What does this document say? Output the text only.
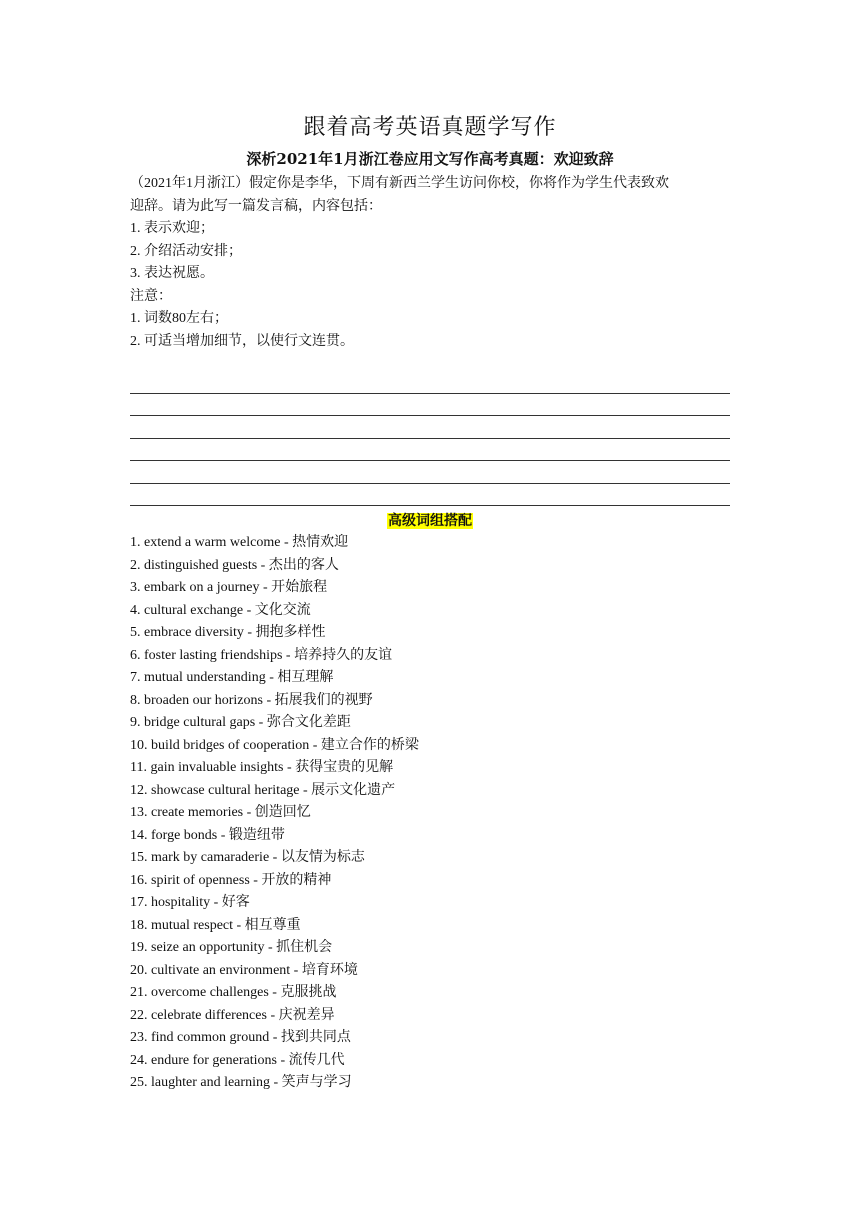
跟着高考英语真题学写作
深析2021年1月浙江卷应用文写作高考真题：欢迎致辞

（2021年1月浙江）假定你是李华，下周有新西兰学生访问你校，你将作为学生代表致欢

迎辞。请为此写一篇发言稿，内容包括：

1. 表示欢迎；

2. 介绍活动安排；

3. 表达祝愿。

注意：

1. 词数80左右；

2. 可适当增加细节，以使行文连贯。

高级词组搭配

1. extend a warm welcome - 热情欢迎

2. distinguished guests - 杰出的客人

3. embark on a journey - 开始旅程

4. cultural exchange - 文化交流

5. embrace diversity - 拥抱多样性

6. foster lasting friendships - 培养持久的友谊

7. mutual understanding - 相互理解

8. broaden our horizons - 拓展我们的视野

9. bridge cultural gaps - 弥合文化差距

10. build bridges of cooperation - 建立合作的桥梁

11. gain invaluable insights - 获得宝贵的见解

12. showcase cultural heritage - 展示文化遗产

13. create memories - 创造回忆

14. forge bonds - 锻造纽带

15. mark by camaraderie - 以友情为标志

16. spirit of openness - 开放的精神

17. hospitality - 好客

18. mutual respect - 相互尊重

19. seize an opportunity - 抓住机会

20. cultivate an environment - 培育环境

21. overcome challenges - 克服挑战

22. celebrate differences - 庆祝差异

23. find common ground - 找到共同点

24. endure for generations - 流传几代

25. laughter and learning - 笑声与学习
